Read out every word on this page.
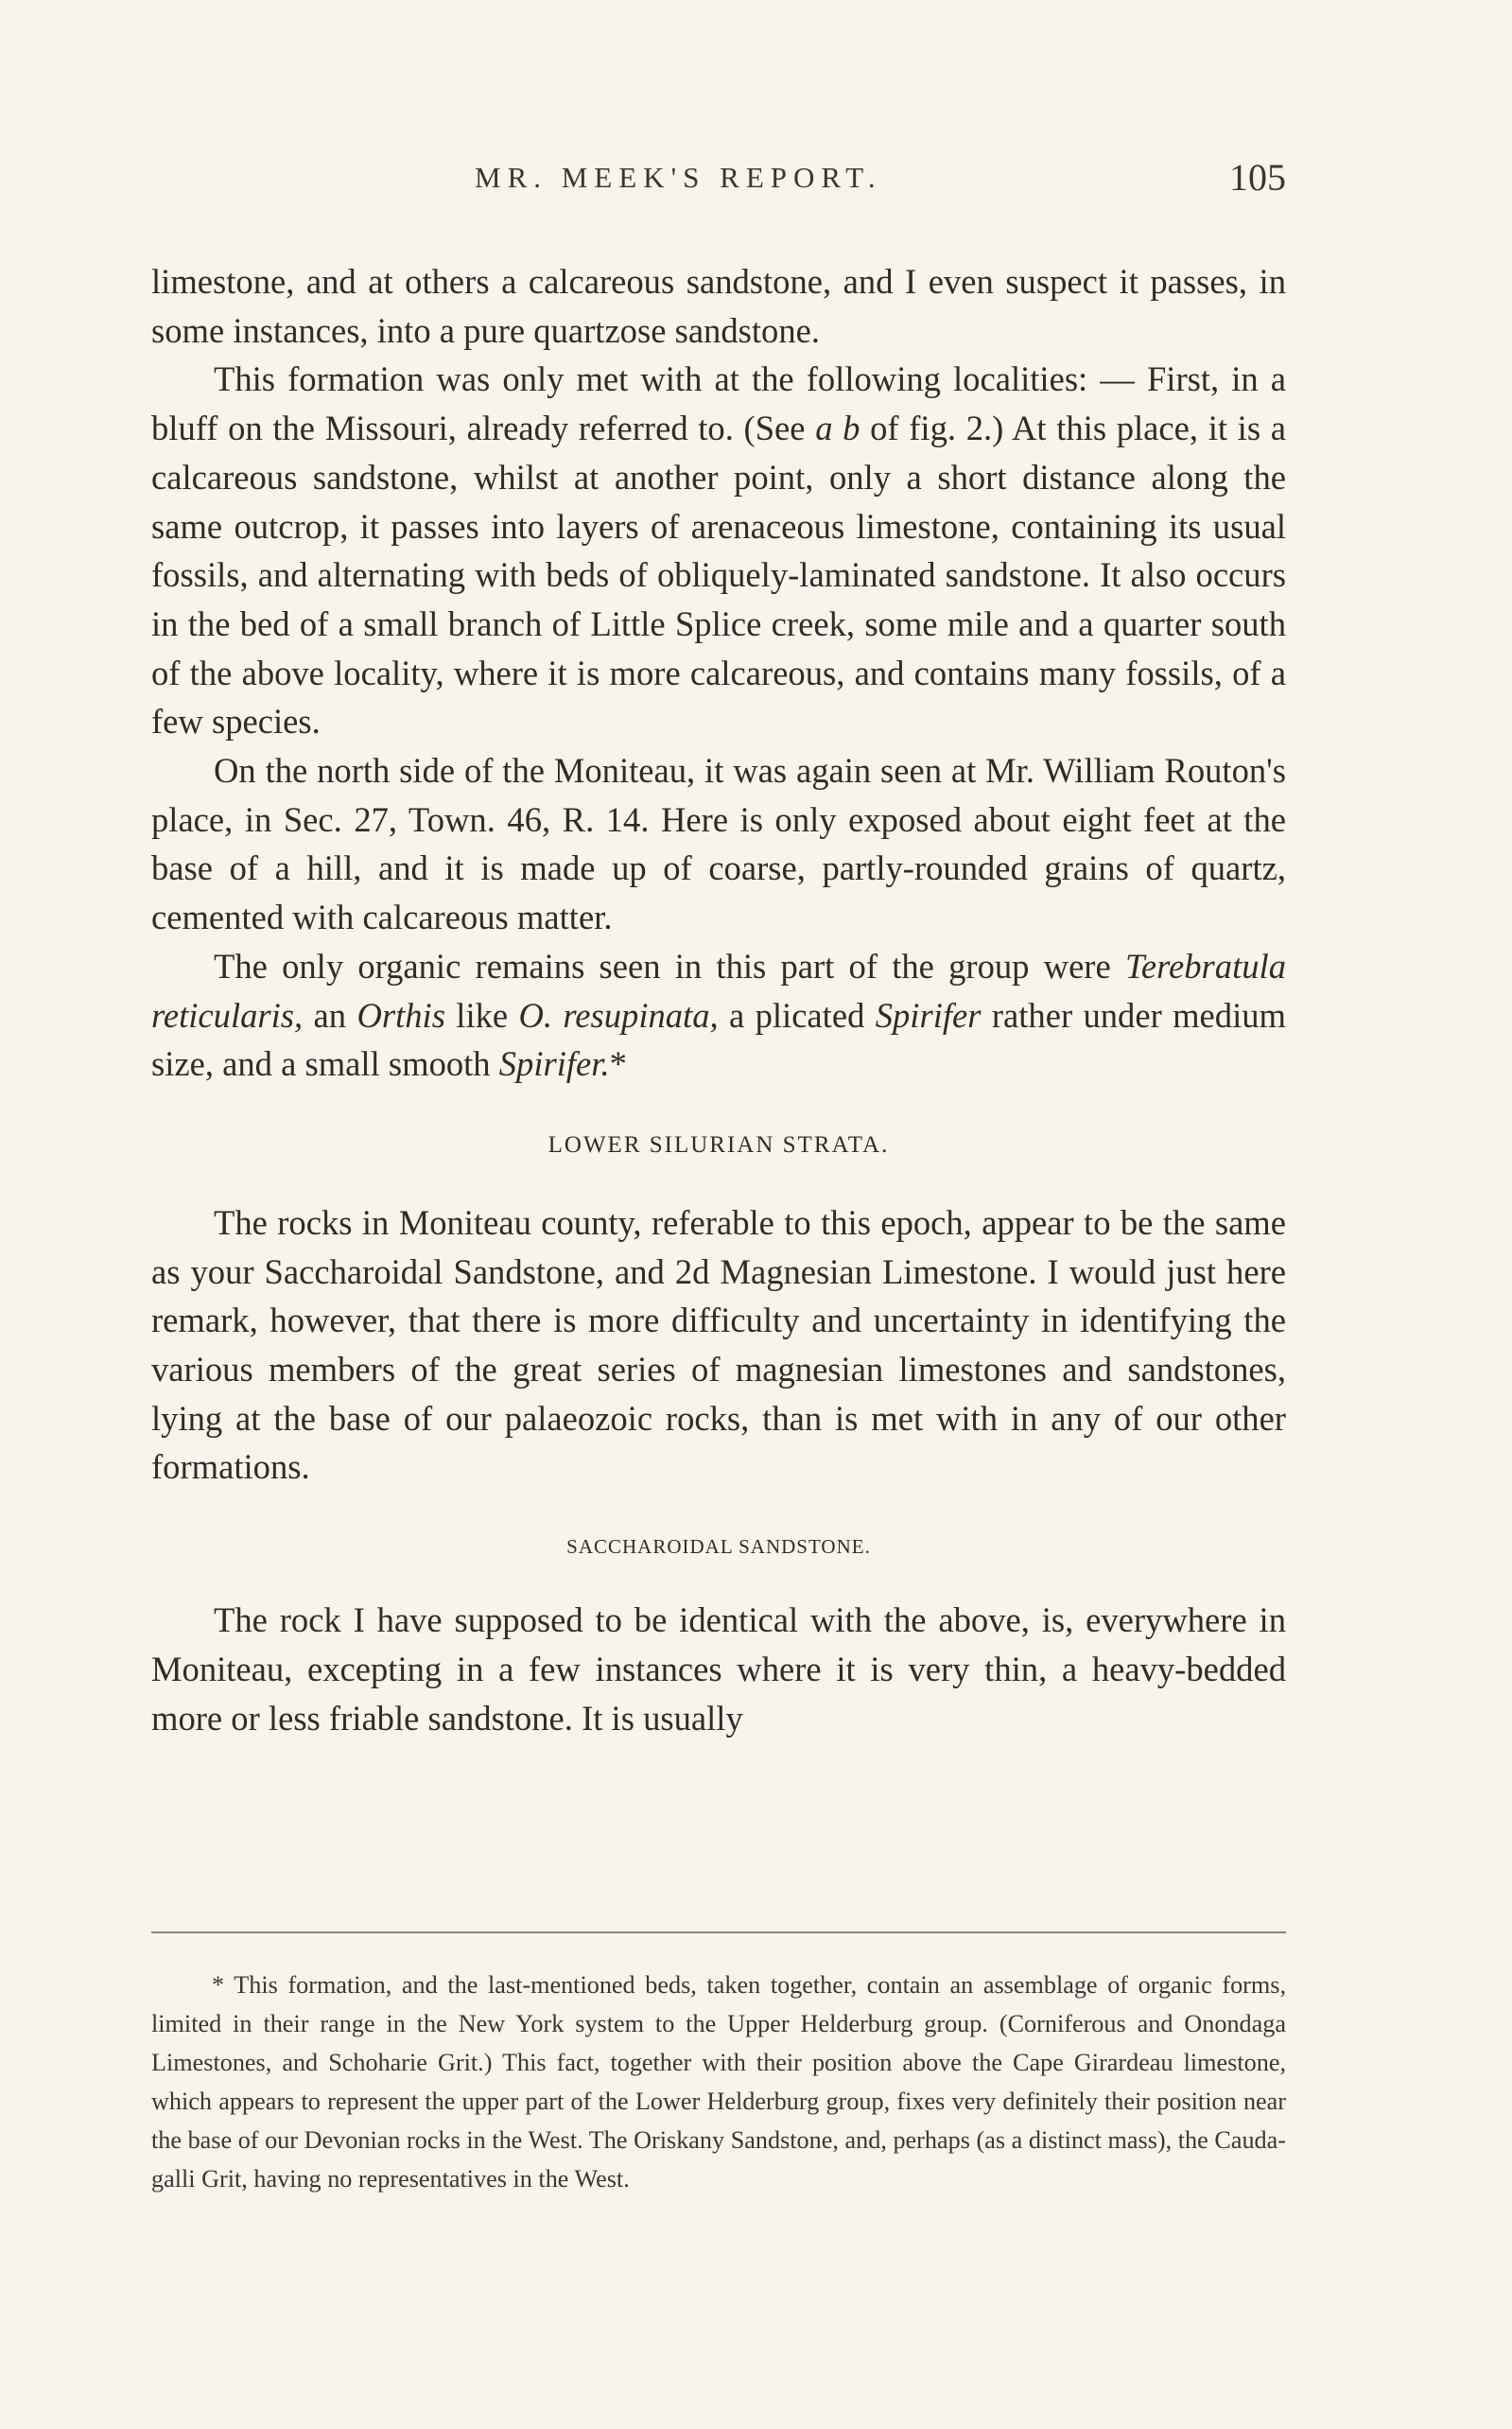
MR. MEEK'S REPORT.	105

limestone, and at others a calcareous sandstone, and I even suspect it passes, in some instances, into a pure quartzose sandstone.

This formation was only met with at the following localities: — First, in a bluff on the Missouri, already referred to. (See a b of fig. 2.) At this place, it is a calcareous sandstone, whilst at another point, only a short distance along the same outcrop, it passes into layers of arenaceous limestone, containing its usual fossils, and alternating with beds of obliquely-laminated sandstone. It also occurs in the bed of a small branch of Little Splice creek, some mile and a quarter south of the above locality, where it is more calcareous, and contains many fossils, of a few species.

On the north side of the Moniteau, it was again seen at Mr. William Routon's place, in Sec. 27, Town. 46, R. 14. Here is only exposed about eight feet at the base of a hill, and it is made up of coarse, partly-rounded grains of quartz, cemented with calcareous matter.

The only organic remains seen in this part of the group were Terebratula reticularis, an Orthis like O. resupinata, a plicated Spirifer rather under medium size, and a small smooth Spirifer.*

LOWER SILURIAN STRATA.

The rocks in Moniteau county, referable to this epoch, appear to be the same as your Saccharoidal Sandstone, and 2d Magnesian Limestone. I would just here remark, however, that there is more difficulty and uncertainty in identifying the various members of the great series of magnesian limestones and sandstones, lying at the base of our palaeozoic rocks, than is met with in any of our other formations.

SACCHAROIDAL SANDSTONE.

The rock I have supposed to be identical with the above, is, everywhere in Moniteau, excepting in a few instances where it is very thin, a heavy-bedded more or less friable sandstone. It is usually

* This formation, and the last-mentioned beds, taken together, contain an assemblage of organic forms, limited in their range in the New York system to the Upper Helderburg group. (Corniferous and Onondaga Limestones, and Schoharie Grit.) This fact, together with their position above the Cape Girardeau limestone, which appears to represent the upper part of the Lower Helderburg group, fixes very definitely their position near the base of our Devonian rocks in the West. The Oriskany Sandstone, and, perhaps (as a distinct mass), the Cauda-galli Grit, having no representatives in the West.
